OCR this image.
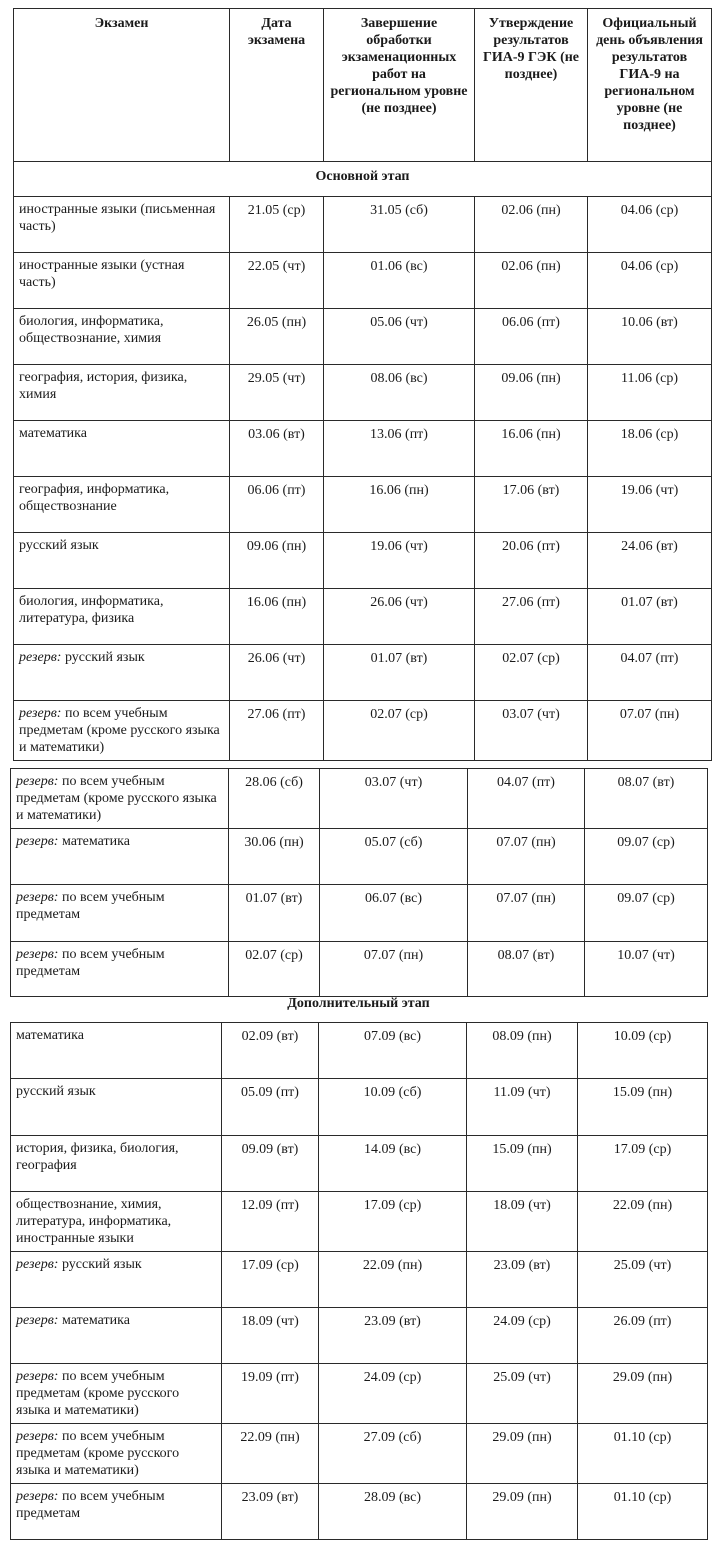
Экзамен	Дата экзамена	Завершение обработки экзаменационных работ на региональном уровне (не позднее)	Утверждение результатов ГИА-9 ГЭК (не позднее)	Официальный день объявления результатов ГИА-9 на региональном уровне (не позднее)
Основной этап				
иностранные языки (письменная часть)	21.05 (ср)	31.05 (сб)	02.06 (пн)	04.06 (ср)
иностранные языки (устная часть)	22.05 (чт)	01.06 (вс)	02.06 (пн)	04.06 (ср)
биология, информатика, обществознание, химия	26.05 (пн)	05.06 (чт)	06.06 (пт)	10.06 (вт)
география, история, физика, химия	29.05 (чт)	08.06 (вс)	09.06 (пн)	11.06 (ср)
математика	03.06 (вт)	13.06 (пт)	16.06 (пн)	18.06 (ср)
география, информатика, обществознание	06.06 (пт)	16.06 (пн)	17.06 (вт)	19.06 (чт)
русский язык	09.06 (пн)	19.06 (чт)	20.06 (пт)	24.06 (вт)
биология, информатика, литература, физика	16.06 (пн)	26.06 (чт)	27.06 (пт)	01.07 (вт)
резерв: русский язык	26.06 (чт)	01.07 (вт)	02.07 (ср)	04.07 (пт)
резерв: по всем учебным предметам (кроме русского языка и математики)	27.06 (пт)	02.07 (ср)	03.07 (чт)	07.07 (пн)
резерв: по всем учебным предметам (кроме русского языка и математики)	28.06 (сб)	03.07 (чт)	04.07 (пт)	08.07 (вт)
резерв: математика	30.06 (пн)	05.07 (сб)	07.07 (пн)	09.07 (ср)
резерв: по всем учебным предметам	01.07 (вт)	06.07 (вс)	07.07 (пн)	09.07 (ср)
резерв: по всем учебным предметам	02.07 (ср)	07.07 (пн)	08.07 (вт)	10.07 (чт)
Дополнительный этап
математика	02.09 (вт)	07.09 (вс)	08.09 (пн)	10.09 (ср)
русский язык	05.09 (пт)	10.09 (сб)	11.09 (чт)	15.09 (пн)
история, физика, биология, география	09.09 (вт)	14.09 (вс)	15.09 (пн)	17.09 (ср)
обществознание, химия, литература, информатика, иностранные языки	12.09 (пт)	17.09 (ср)	18.09 (чт)	22.09 (пн)
резерв: русский язык	17.09 (ср)	22.09 (пн)	23.09 (вт)	25.09 (чт)
резерв: математика	18.09 (чт)	23.09 (вт)	24.09 (ср)	26.09 (пт)
резерв: по всем учебным предметам (кроме русского языка и математики)	19.09 (пт)	24.09 (ср)	25.09 (чт)	29.09 (пн)
резерв: по всем учебным предметам (кроме русского языка и математики)	22.09 (пн)	27.09 (сб)	29.09 (пн)	01.10 (ср)
резерв: по всем учебным предметам	23.09 (вт)	28.09 (вс)	29.09 (пн)	01.10 (ср)
